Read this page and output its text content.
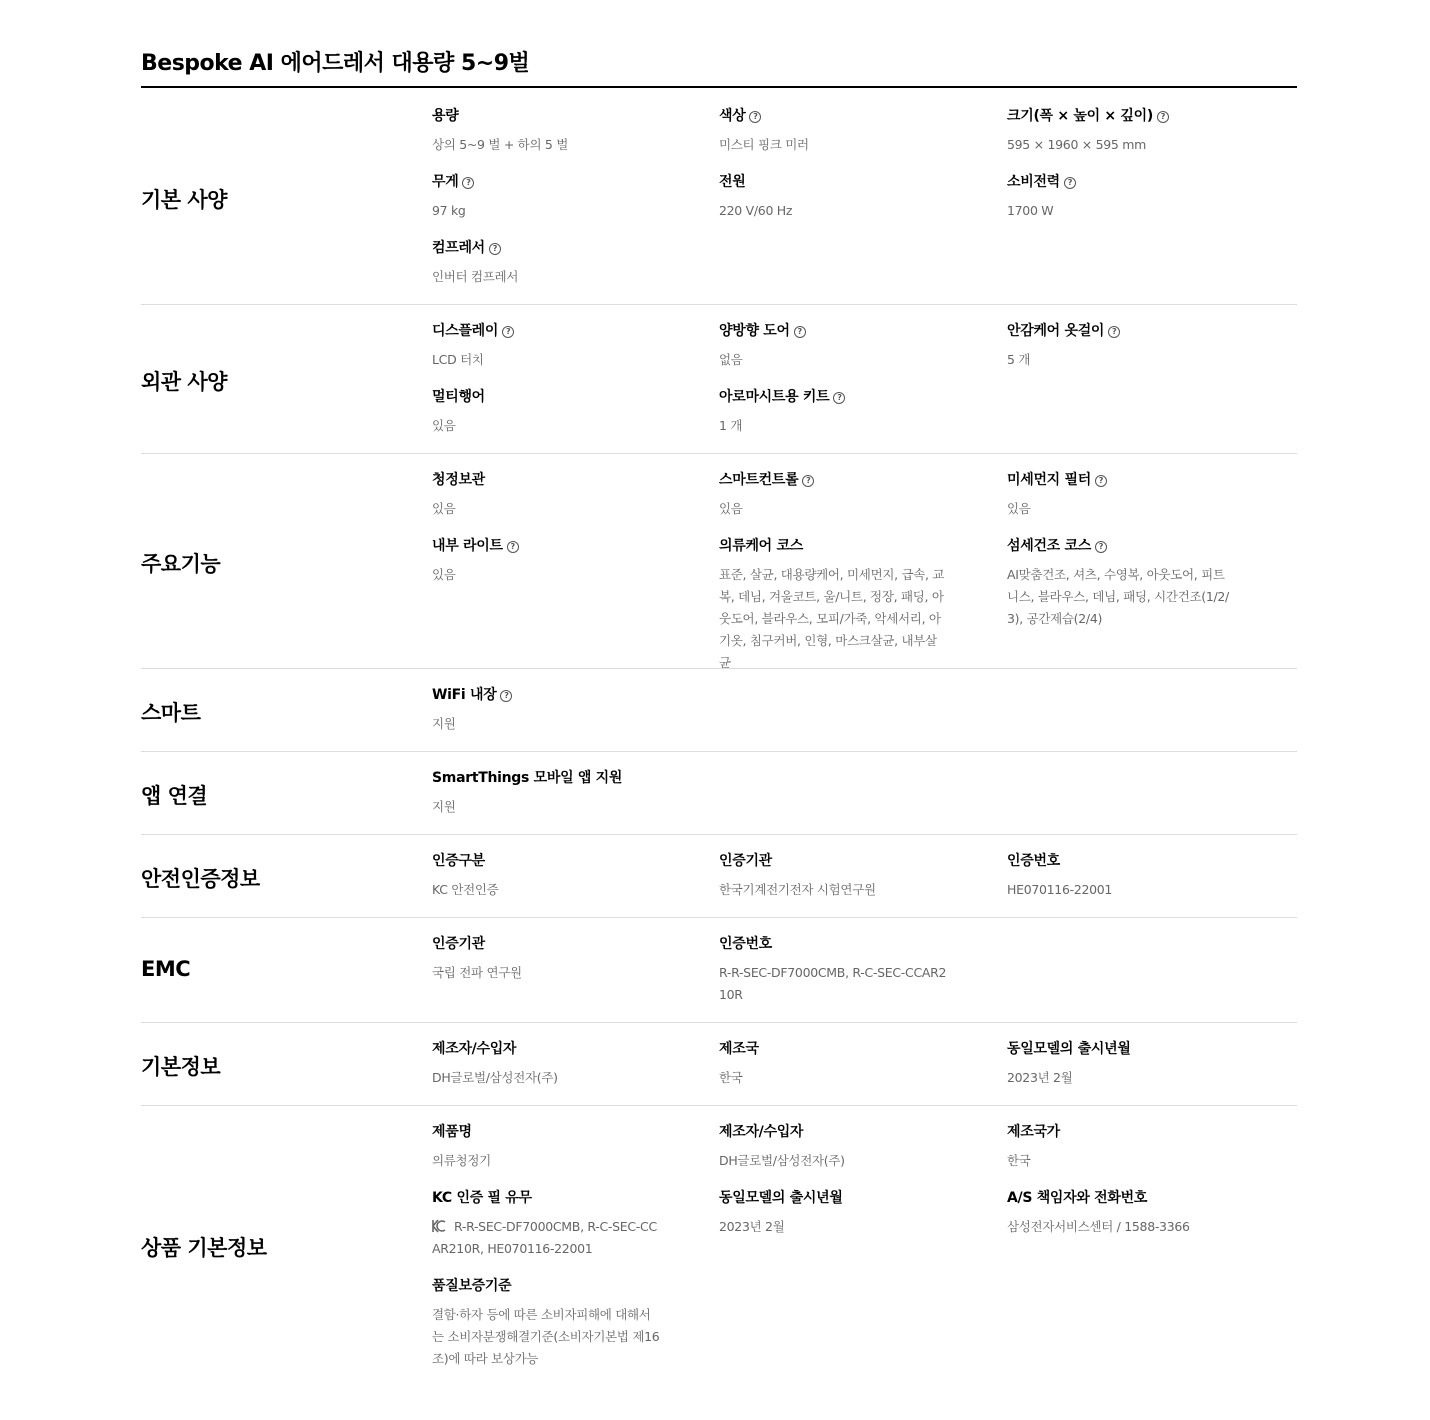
Bespoke AI 에어드레서 대용량 5~9벌
기본 사양
용량
상의 5~9 벌 + 하의 5 벌
색상 ?
미스티 핑크 미러
크기(폭 × 높이 × 깊이) ?
595 × 1960 × 595 mm
무게 ?
97 kg
전원
220 V/60 Hz
소비전력 ?
1700 W
컴프레서 ?
인버터 컴프레서
외관 사양
디스플레이 ?
LCD 터치
양방향 도어 ?
없음
안감케어 옷걸이 ?
5 개
멀티행어
있음
아로마시트용 키트 ?
1 개
주요기능
청정보관
있음
스마트컨트롤 ?
있음
미세먼지 필터 ?
있음
내부 라이트 ?
있음
의류케어 코스
표준, 살균, 대용량케어, 미세먼지, 급속, 교복, 데님, 겨울코트, 울/니트, 정장, 패딩, 아웃도어, 블라우스, 모피/가죽, 악세서리, 아기옷, 침구커버, 인형, 마스크살균, 내부살균
섬세건조 코스 ?
AI맞춤건조, 셔츠, 수영복, 아웃도어, 피트니스, 블라우스, 데님, 패딩, 시간건조(1/2/3), 공간제습(2/4)
스마트
WiFi 내장 ?
지원
앱 연결
SmartThings 모바일 앱 지원
지원
안전인증정보
인증구분
KC 안전인증
인증기관
한국기계전기전자 시험연구원
인증번호
HE070116-22001
EMC
인증기관
국립 전파 연구원
인증번호
R-R-SEC-DF7000CMB, R-C-SEC-CCAR210R
기본정보
제조자/수입자
DH글로벌/삼성전자(주)
제조국
한국
동일모델의 출시년월
2023년 2월
상품 기본정보
제품명
의류청정기
제조자/수입자
DH글로벌/삼성전자(주)
제조국가
한국
KC 인증 필 유무
R-R-SEC-DF7000CMB, R-C-SEC-CCAR210R, HE070116-22001
동일모델의 출시년월
2023년 2월
A/S 책임자와 전화번호
삼성전자서비스센터 / 1588-3366
품질보증기준
결함·하자 등에 따른 소비자피해에 대해서는 소비자분쟁해결기준(소비자기본법 제16조)에 따라 보상가능
